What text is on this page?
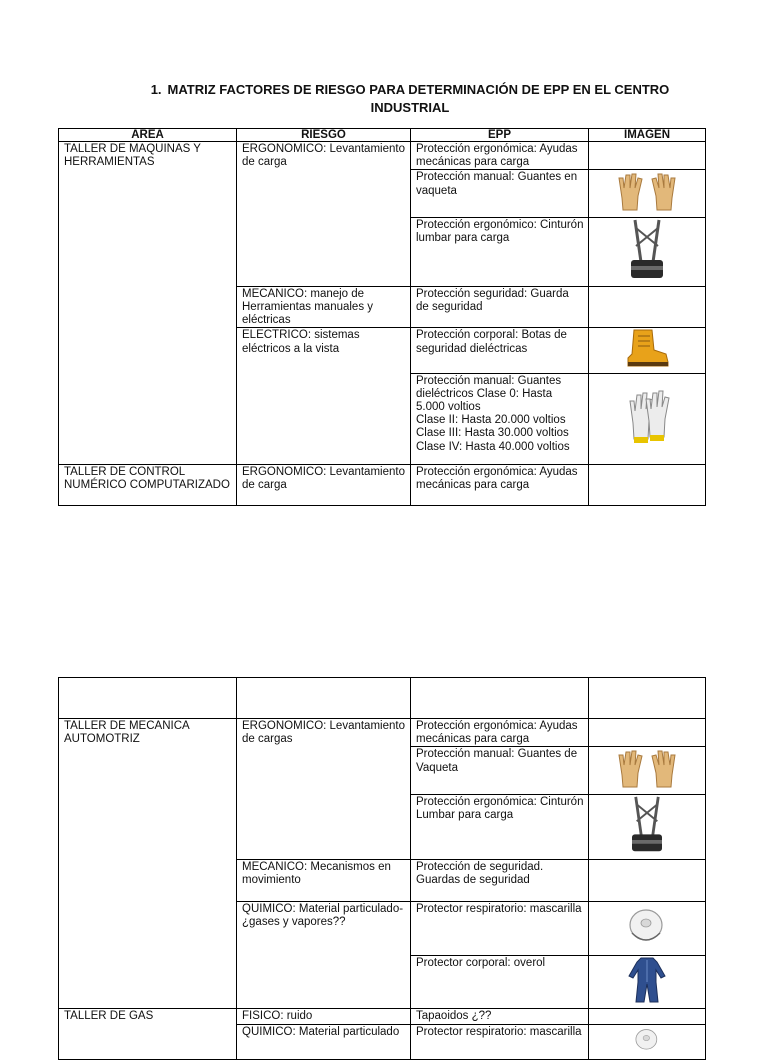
1. MATRIZ FACTORES DE RIESGO PARA DETERMINACIÓN DE EPP EN EL CENTRO INDUSTRIAL
AREA	RIESGO	EPP	IMAGEN
TALLER DE MAQUINAS Y HERRAMIENTAS	ERGONOMICO: Levantamiento de carga	Protección ergonómica: Ayudas mecánicas para carga	
		Protección manual: Guantes en vaqueta	
		Protección ergonómico: Cinturón lumbar para carga	
	MECANICO: manejo de Herramientas manuales y eléctricas	Protección seguridad: Guarda de seguridad	
	ELECTRICO: sistemas eléctricos a la vista	Protección corporal: Botas de seguridad dieléctricas	

		Protección manual: Guantes dieléctricos Clase 0: Hasta 5.000 voltios
Clase II: Hasta 20.000 voltios
Clase III: Hasta 30.000 voltios
Clase IV: Hasta 40.000 voltios

TALLER DE CONTROL NUMÉRICO COMPUTARIZADO	ERGONOMICO: Levantamiento de carga	Protección ergonómica: Ayudas mecánicas para carga	

TALLER DE MECANICA AUTOMOTRIZ	ERGONOMICO: Levantamiento de cargas	Protección ergonómica: Ayudas mecánicas para carga	
		Protección manual: Guantes de Vaqueta	
		Protección ergonómica: Cinturón Lumbar para carga	
	MECANICO: Mecanismos en movimiento	Protección de seguridad. Guardas de seguridad	
	QUIMICO: Material particulado- ¿gases y vapores??	Protector respiratorio: mascarilla	
		Protector corporal: overol	
TALLER DE GAS	FISICO: ruido	Tapaoidos ¿??	
	QUIMICO: Material particulado	Protector respiratorio: mascarilla	
